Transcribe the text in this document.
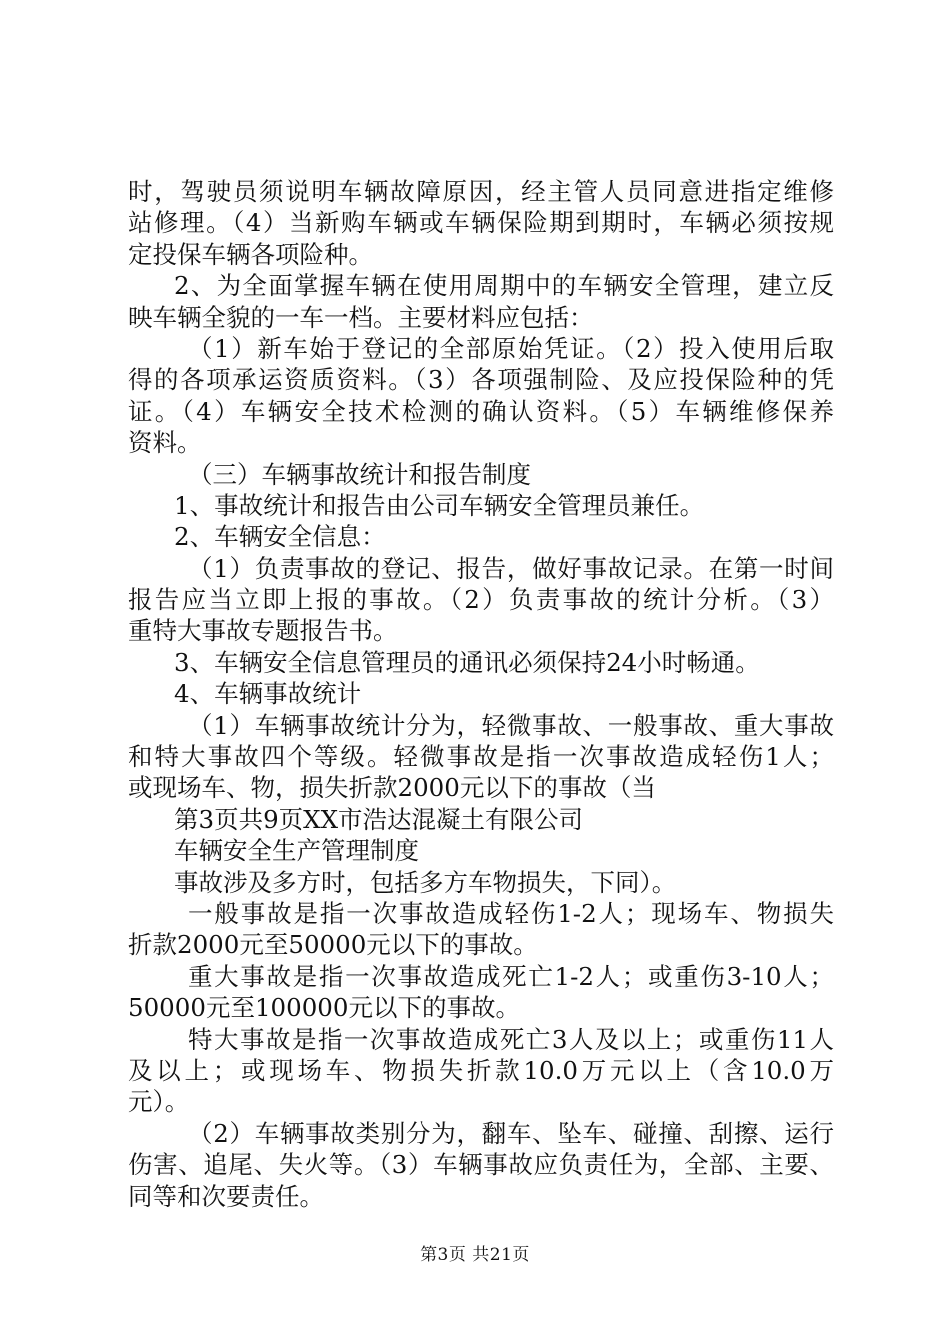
时，驾驶员须说明车辆故障原因，经主管人员同意进指定维修
站修理。（4）当新购车辆或车辆保险期到期时，车辆必须按规
定投保车辆各项险种。
2、为全面掌握车辆在使用周期中的车辆安全管理，建立反
映车辆全貌的一车一档。主要材料应包括：
（1）新车始于登记的全部原始凭证。（2）投入使用后取
得的各项承运资质资料。（3）各项强制险、及应投保险种的凭
证。（4）车辆安全技术检测的确认资料。（5）车辆维修保养
资料。
（三）车辆事故统计和报告制度
1、事故统计和报告由公司车辆安全管理员兼任。
2、车辆安全信息：
（1）负责事故的登记、报告，做好事故记录。在第一时间
报告应当立即上报的事故。（2）负责事故的统计分析。（3）
重特大事故专题报告书。
3、车辆安全信息管理员的通讯必须保持24小时畅通。
4、车辆事故统计
（1）车辆事故统计分为，轻微事故、一般事故、重大事故
和特大事故四个等级。轻微事故是指一次事故造成轻伤1人；
或现场车、物，损失折款2000元以下的事故（当
第3页共9页XX市浩达混凝土有限公司
车辆安全生产管理制度
事故涉及多方时，包括多方车物损失，下同）。
一般事故是指一次事故造成轻伤1-2人；现场车、物损失
折款2000元至50000元以下的事故。
重大事故是指一次事故造成死亡1-2人；或重伤3-10人；
50000元至100000元以下的事故。
特大事故是指一次事故造成死亡3人及以上；或重伤11人
及以上；或现场车、物损失折款10.0万元以上（含10.0万
元）。
（2）车辆事故类别分为，翻车、坠车、碰撞、刮擦、运行
伤害、追尾、失火等。（3）车辆事故应负责任为，全部、主要、
同等和次要责任。
第3页 共21页
